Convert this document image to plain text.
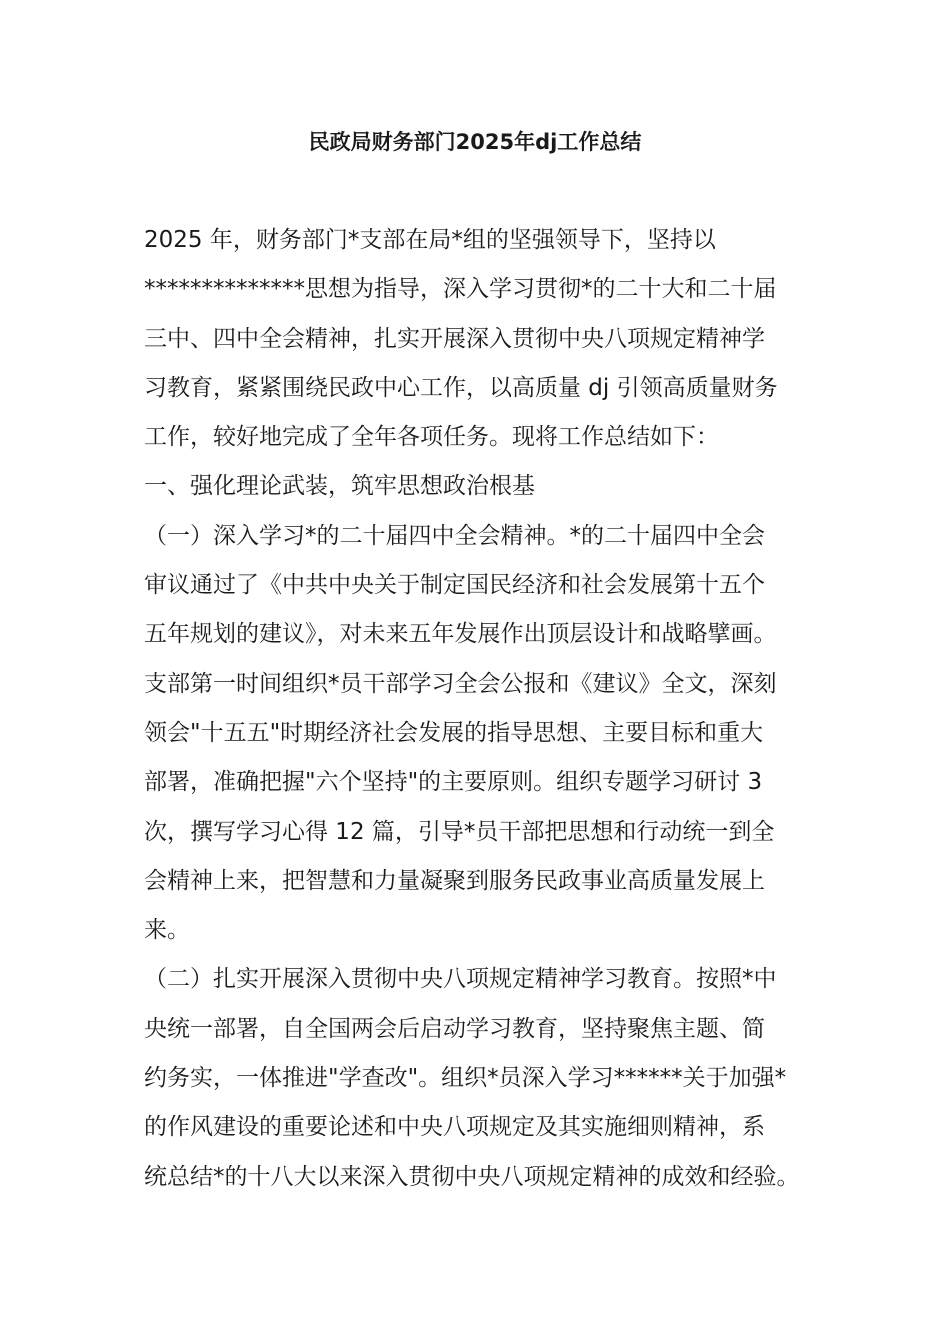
民政局财务部门2025年dj工作总结
2025 年，财务部门*支部在局*组的坚强领导下，坚持以
**************思想为指导，深入学习贯彻*的二十大和二十届
三中、四中全会精神，扎实开展深入贯彻中央八项规定精神学
习教育，紧紧围绕民政中心工作，以高质量 dj 引领高质量财务
工作，较好地完成了全年各项任务。现将工作总结如下：
一、强化理论武装，筑牢思想政治根基
（一）深入学习*的二十届四中全会精神。*的二十届四中全会
审议通过了《中共中央关于制定国民经济和社会发展第十五个
五年规划的建议》，对未来五年发展作出顶层设计和战略擘画。
支部第一时间组织*员干部学习全会公报和《建议》全文，深刻
领会"十五五"时期经济社会发展的指导思想、主要目标和重大
部署，准确把握"六个坚持"的主要原则。组织专题学习研讨 3
次，撰写学习心得 12 篇，引导*员干部把思想和行动统一到全
会精神上来，把智慧和力量凝聚到服务民政事业高质量发展上
来。
（二）扎实开展深入贯彻中央八项规定精神学习教育。按照*中
央统一部署，自全国两会后启动学习教育，坚持聚焦主题、简
约务实，一体推进"学查改"。组织*员深入学习******关于加强*
的作风建设的重要论述和中央八项规定及其实施细则精神，系
统总结*的十八大以来深入贯彻中央八项规定精神的成效和经验。
